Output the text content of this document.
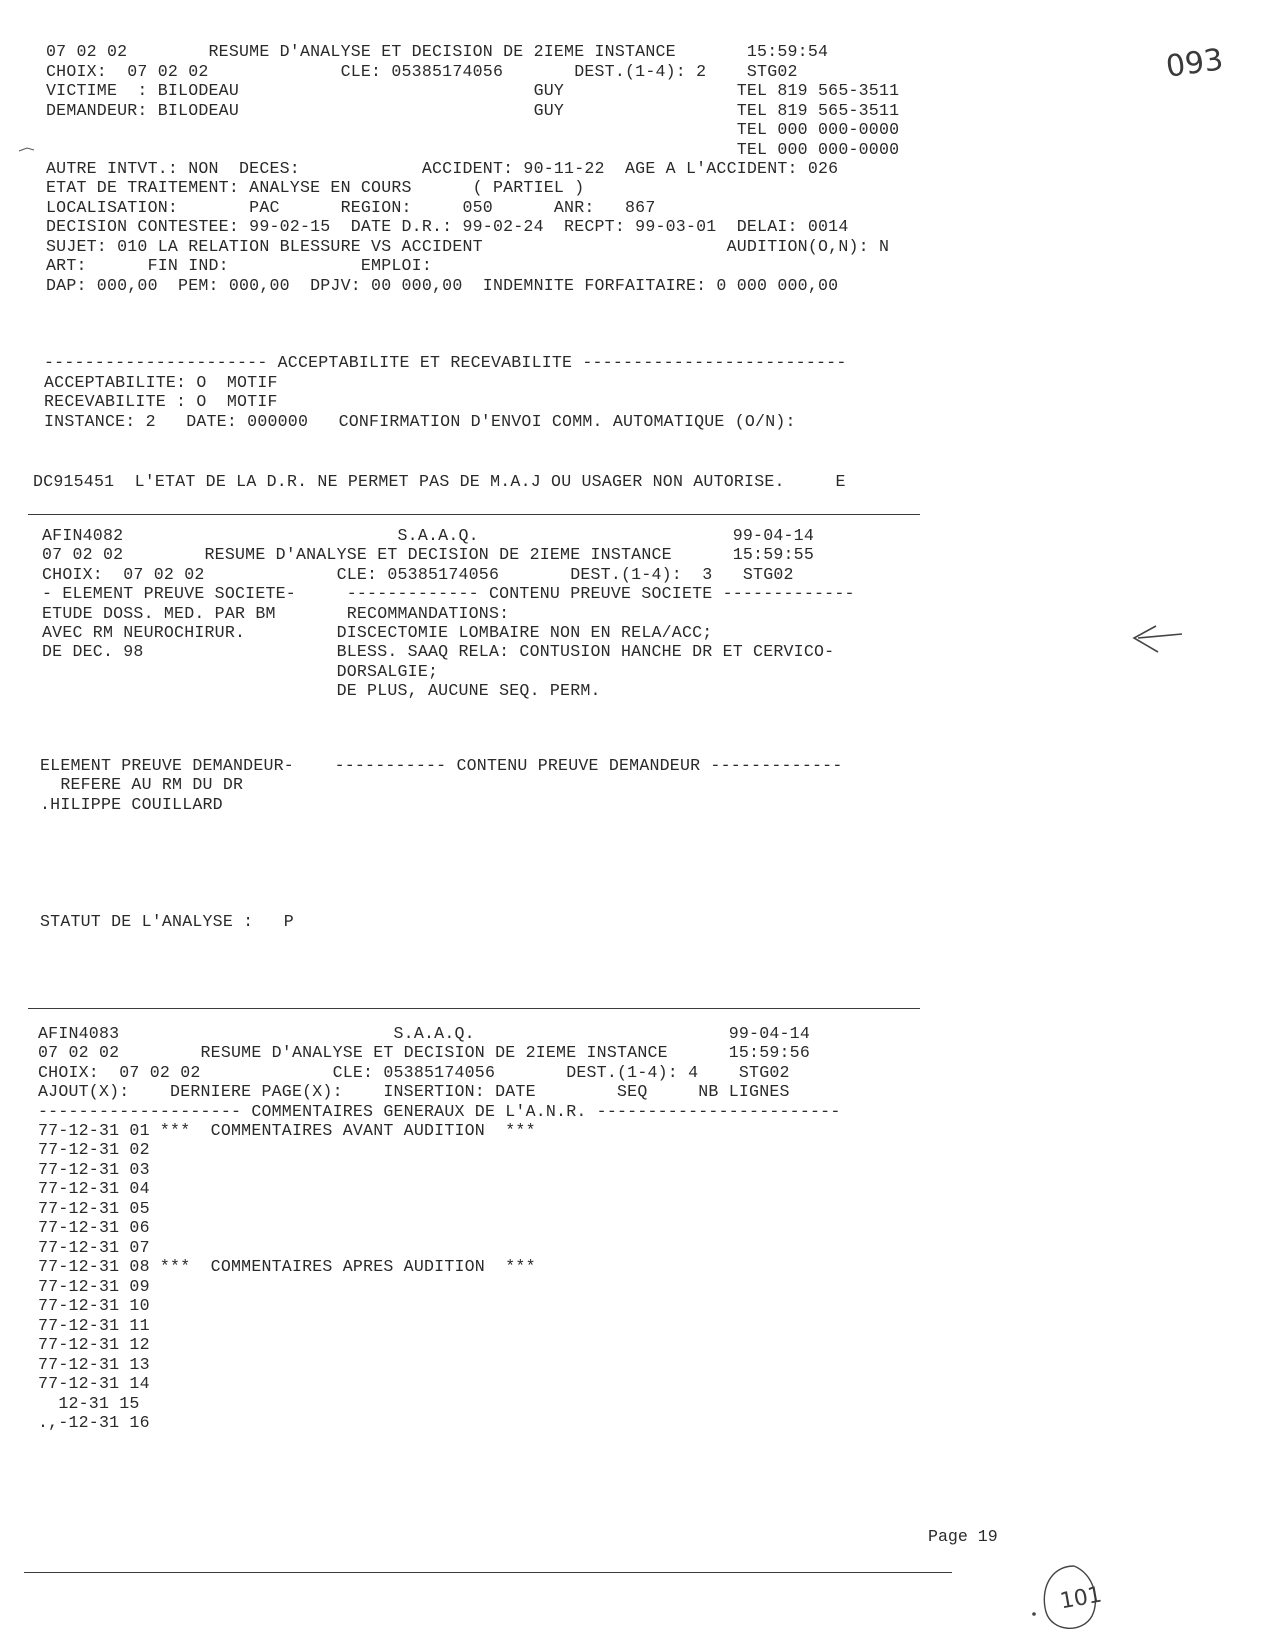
07 02 02        RESUME D'ANALYSE ET DECISION DE 2IEME INSTANCE       15:59:54
CHOIX:  07 02 02             CLE: 05385174056       DEST.(1-4): 2    STG02
VICTIME  : BILODEAU                             GUY                 TEL 819 565-3511
DEMANDEUR: BILODEAU                             GUY                 TEL 819 565-3511
TEL 000 000-0000
TEL 000 000-0000
AUTRE INTVT.: NON  DECES:            ACCIDENT: 90-11-22  AGE A L'ACCIDENT: 026
ETAT DE TRAITEMENT: ANALYSE EN COURS      ( PARTIEL )
LOCALISATION:       PAC      REGION:     050      ANR:   867
DECISION CONTESTEE: 99-02-15  DATE D.R.: 99-02-24  RECPT: 99-03-01  DELAI: 0014
SUJET: 010 LA RELATION BLESSURE VS ACCIDENT                        AUDITION(O,N): N
ART:      FIN IND:             EMPLOI:
DAP: 000,00  PEM: 000,00  DPJV: 00 000,00  INDEMNITE FORFAITAIRE: 0 000 000,00
---------------------- ACCEPTABILITE ET RECEVABILITE --------------------------
ACCEPTABILITE: O  MOTIF
RECEVABILITE : O  MOTIF
INSTANCE: 2   DATE: 000000   CONFIRMATION D'ENVOI COMM. AUTOMATIQUE (O/N):
DC915451  L'ETAT DE LA D.R. NE PERMET PAS DE M.A.J OU USAGER NON AUTORISE.     E
AFIN4082                           S.A.A.Q.                         99-04-14
07 02 02        RESUME D'ANALYSE ET DECISION DE 2IEME INSTANCE      15:59:55
CHOIX:  07 02 02             CLE: 05385174056       DEST.(1-4):  3   STG02
- ELEMENT PREUVE SOCIETE-     ------------- CONTENU PREUVE SOCIETE -------------
ETUDE DOSS. MED. PAR BM       RECOMMANDATIONS:
AVEC RM NEUROCHIRUR.         DISCECTOMIE LOMBAIRE NON EN RELA/ACC;
DE DEC. 98                   BLESS. SAAQ RELA: CONTUSION HANCHE DR ET CERVICO-
DORSALGIE;
DE PLUS, AUCUNE SEQ. PERM.
ELEMENT PREUVE DEMANDEUR-    ----------- CONTENU PREUVE DEMANDEUR -------------
REFERE AU RM DU DR
.HILIPPE COUILLARD
STATUT DE L'ANALYSE :   P
AFIN4083                           S.A.A.Q.                         99-04-14
07 02 02        RESUME D'ANALYSE ET DECISION DE 2IEME INSTANCE      15:59:56
CHOIX:  07 02 02             CLE: 05385174056       DEST.(1-4): 4    STG02
AJOUT(X):    DERNIERE PAGE(X):    INSERTION: DATE        SEQ     NB LIGNES
-------------------- COMMENTAIRES GENERAUX DE L'A.N.R. ------------------------
77-12-31 01 ***  COMMENTAIRES AVANT AUDITION  ***
77-12-31 02
77-12-31 03
77-12-31 04
77-12-31 05
77-12-31 06
77-12-31 07
77-12-31 08 ***  COMMENTAIRES APRES AUDITION  ***
77-12-31 09
77-12-31 10
77-12-31 11
77-12-31 12
77-12-31 13
77-12-31 14
12-31 15
.,-12-31 16
Page 19
093
101
